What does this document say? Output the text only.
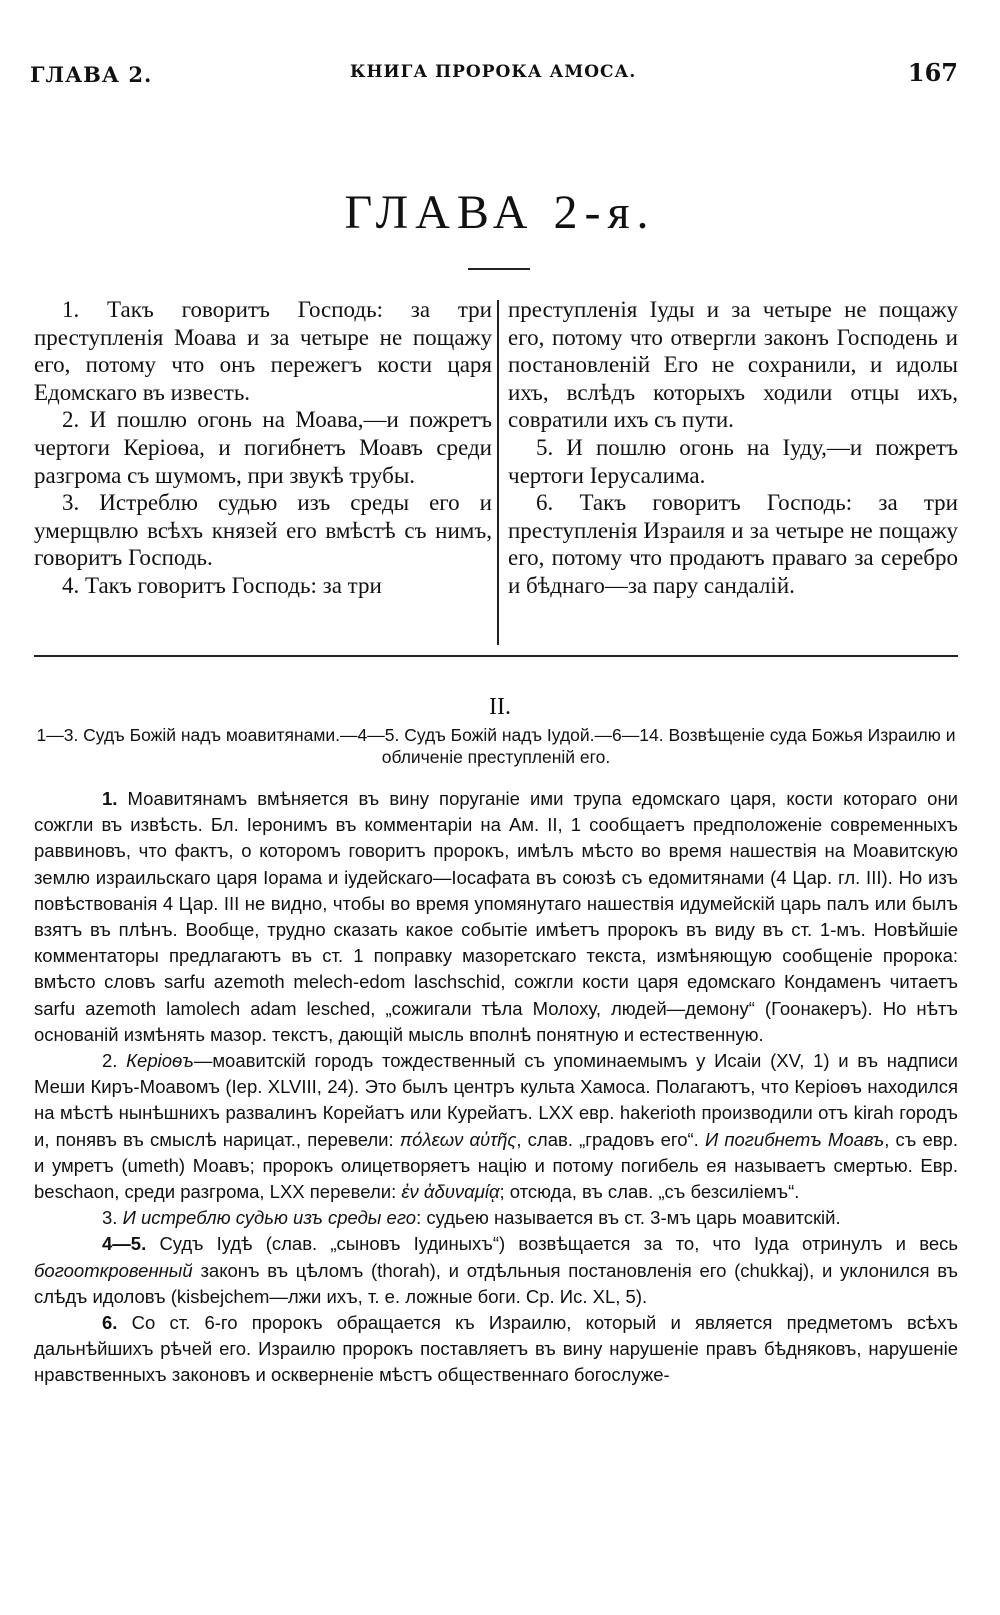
ГЛАВА 2.	КНИГА ПРОРОКА АМОСА.	167
ГЛАВА 2-я.

1. Такъ говоритъ Господь: за три преступленія Моава и за четыре не пощажу его, потому что онъ пережегъ кости царя Едомскаго въ известь.

2. И пошлю огонь на Моава,—и пожретъ чертоги Керіоѳа, и погибнетъ Моавъ среди разгрома съ шумомъ, при звукѣ трубы.

3. Истреблю судью изъ среды его и умерщвлю всѣхъ князей его вмѣстѣ съ нимъ, говоритъ Господь.

4. Такъ говоритъ Господь: за три

преступленія Іуды и за четыре не пощажу его, потому что отвергли законъ Господень и постановленій Его не сохранили, и идолы ихъ, вслѣдъ которыхъ ходили отцы ихъ, совратили ихъ съ пути.

5. И пошлю огонь на Іуду,—и пожретъ чертоги Іерусалима.

6. Такъ говоритъ Господь: за три преступленія Израиля и за четыре не пощажу его, потому что продаютъ праваго за серебро и бѣднаго—за пару сандалій.

II.
1—3. Судъ Божій надъ моавитянами.—4—5. Судъ Божій надъ Іудой.—6—14. Возвѣщеніе суда Божья Израилю и обличеніе преступленій его.

1. Моавитянамъ вмѣняется въ вину поруганіе ими трупа едомскаго царя, кости котораго они сожгли въ извѣсть. Бл. Іеронимъ въ комментаріи на Ам. II, 1 сообщаетъ предположеніе современныхъ раввиновъ, что фактъ, о которомъ говоритъ пророкъ, имѣлъ мѣсто во время нашествія на Моавитскую землю израильскаго царя Іорама и іудейскаго—Іосафата въ союзѣ съ едомитянами (4 Цар. гл. III). Но изъ повѣствованія 4 Цар. III не видно, чтобы во время упомянутаго нашествія идумейскій царь палъ или былъ взятъ въ плѣнъ. Вообще, трудно сказать какое событіе имѣетъ пророкъ въ виду въ ст. 1-мъ. Новѣйшіе комментаторы предлагаютъ въ ст. 1 поправку мазоретскаго текста, измѣняющую сообщеніе пророка: вмѣсто словъ sarfu azemoth melech-edom laschschid, сожгли кости царя едомскаго Кондаменъ читаетъ sarfu azemoth lamolech adam lesched, „сожигали тѣла Молоху, людей—демону“ (Гоонакеръ). Но нѣтъ основаній измѣнять мазор. текстъ, дающій мысль вполнѣ понятную и естественную.

2. Керіоѳъ—моавитскій городъ тождественный съ упоминаемымъ у Исаіи (XV, 1) и въ надписи Меши Киръ-Моавомъ (Іер. XLVIII, 24). Это былъ центръ культа Хамоса. Полагаютъ, что Керіоѳъ находился на мѣстѣ нынѣшнихъ развалинъ Корейатъ или Курейатъ. LXX евр. hakerioth производили отъ kirah городъ и, понявъ въ смыслѣ нарицат., перевели: πόλεων αὐτῆς, слав. „градовъ его“. И погибнетъ Моавъ, съ евр. и умретъ (umeth) Моавъ; пророкъ олицетворяетъ націю и потому погибель ея называетъ смертью. Евр. beschaon, среди разгрома, LXX перевели: ἐν ἀδυναμίᾳ; отсюда, въ слав. „съ безсиліемъ“.

3. И истреблю судью изъ среды его: судьею называется въ ст. 3-мъ царь моавитскій.

4—5. Судъ Іудѣ (слав. „сыновъ Іудиныхъ“) возвѣщается за то, что Іуда отринулъ и весь богооткровенный законъ въ цѣломъ (thorah), и отдѣльныя постановленія его (chukkaj), и уклонился въ слѣдъ идоловъ (kisbejchem—лжи ихъ, т. е. ложные боги. Ср. Ис. XL, 5).

6. Со ст. 6-го пророкъ обращается къ Израилю, который и является предметомъ всѣхъ дальнѣйшихъ рѣчей его. Израилю пророкъ поставляетъ въ вину нарушеніе правъ бѣдняковъ, нарушеніе нравственныхъ законовъ и оскверненіе мѣстъ общественнаго богослуже-
